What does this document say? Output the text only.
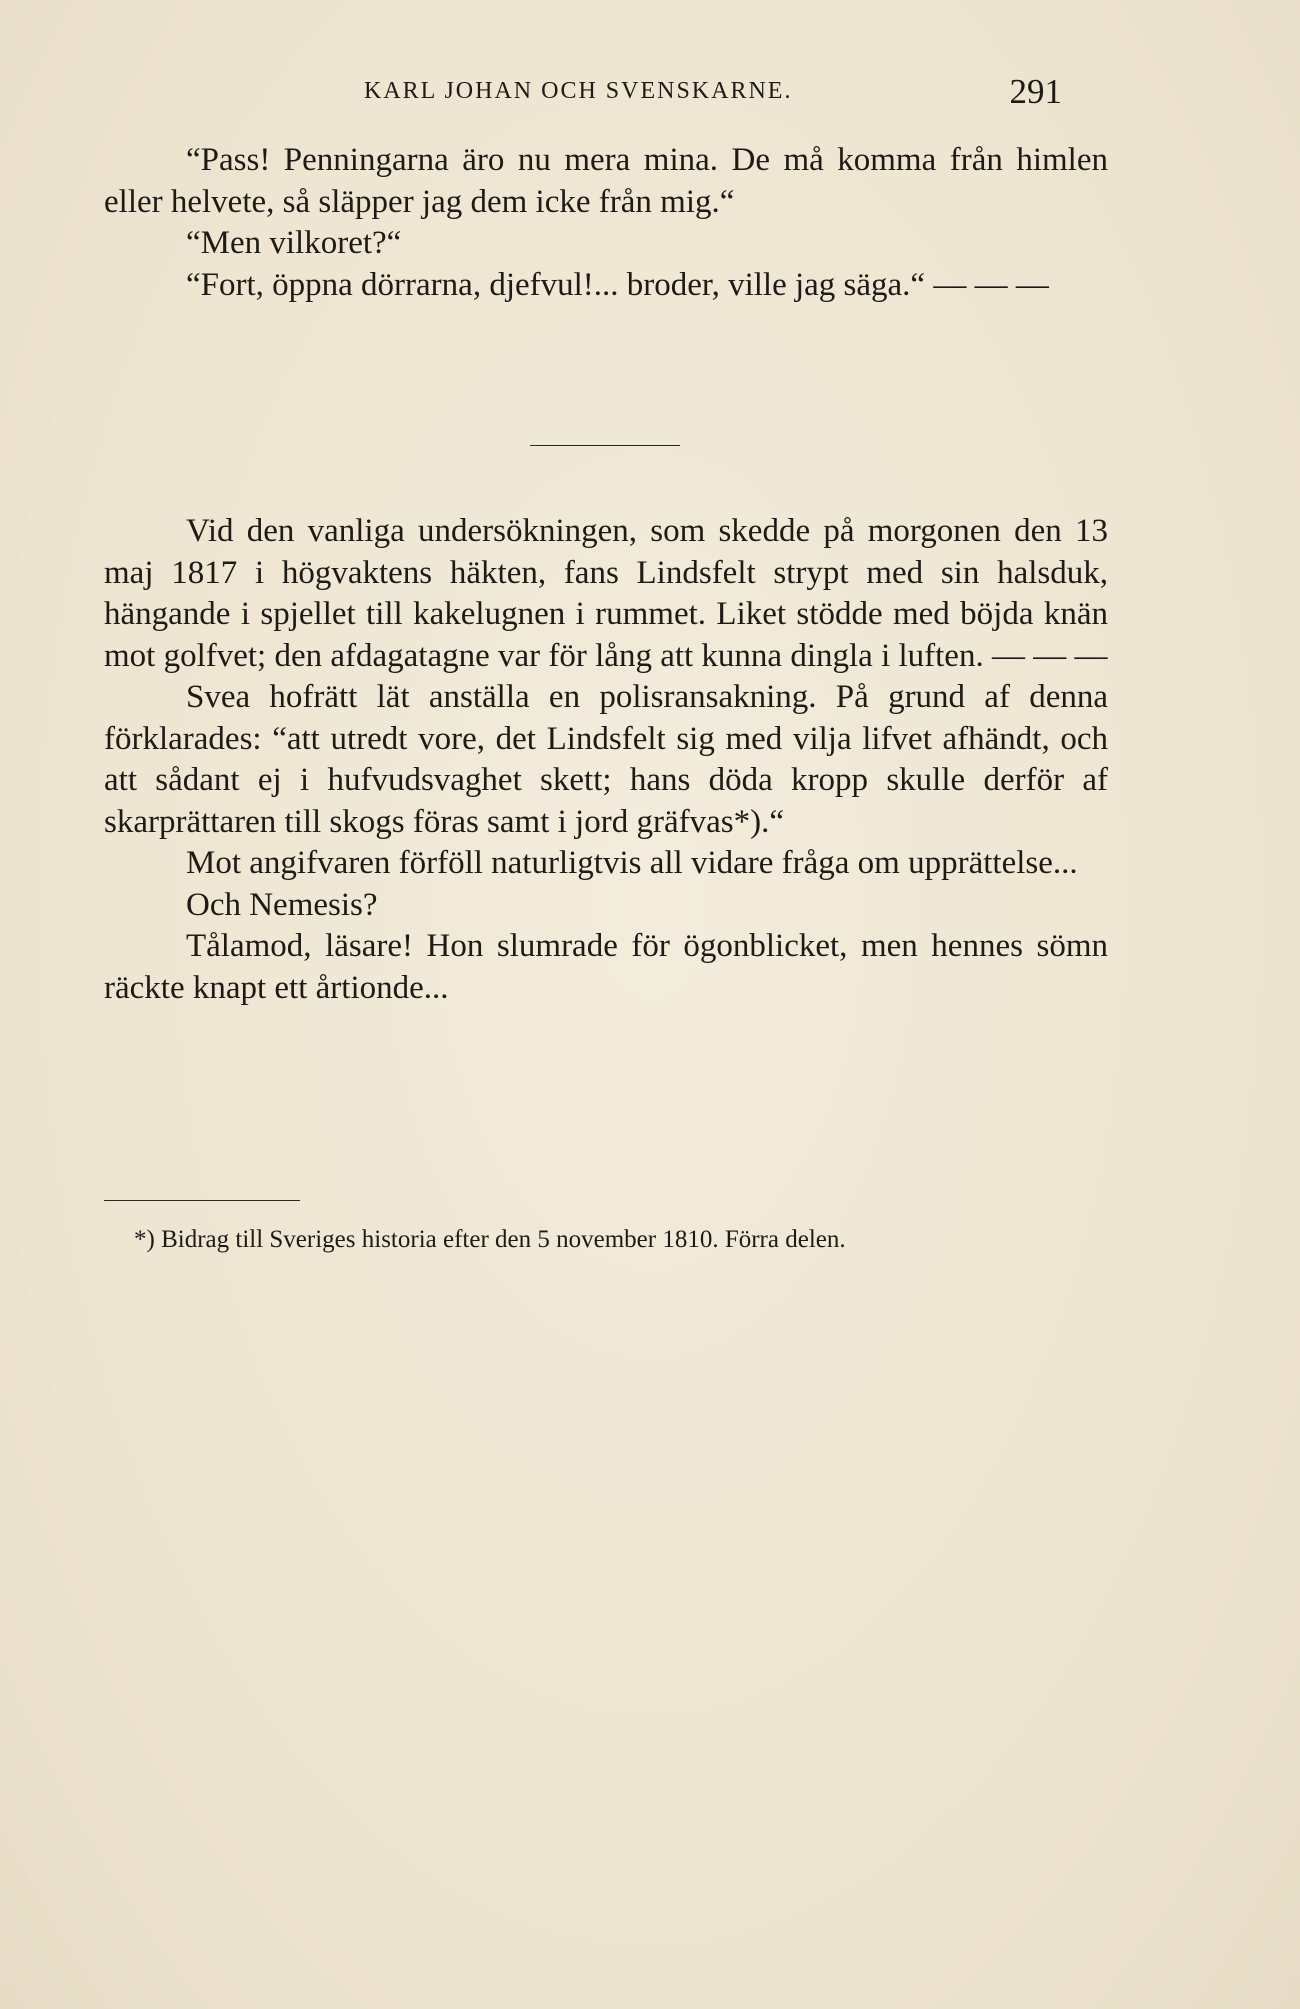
KARL JOHAN OCH SVENSKARNE.	291

“Pass! Penningarna äro nu mera mina. De må komma från himlen eller helvete, så släpper jag dem icke från mig.“

“Men vilkoret?“

“Fort, öppna dörrarna, djefvul!... broder, ville jag säga.“ — — —

Vid den vanliga undersökningen, som skedde på morgonen den 13 maj 1817 i högvaktens häkten, fans Lindsfelt strypt med sin halsduk, hängande i spjellet till kakelugnen i rummet. Liket stödde med böjda knän mot golfvet; den afdagatagne var för lång att kunna dingla i luften. — — —

Svea hofrätt lät anställa en polisransakning. På grund af denna förklarades: “att utredt vore, det Lindsfelt sig med vilja lifvet afhändt, och att sådant ej i hufvudsvaghet skett; hans döda kropp skulle derför af skarprättaren till skogs föras samt i jord gräfvas*).“

Mot angifvaren förföll naturligtvis all vidare fråga om upprättelse...

Och Nemesis?

Tålamod, läsare! Hon slumrade för ögonblicket, men hennes sömn räckte knapt ett årtionde...

*) Bidrag till Sveriges historia efter den 5 november 1810. Förra delen.
